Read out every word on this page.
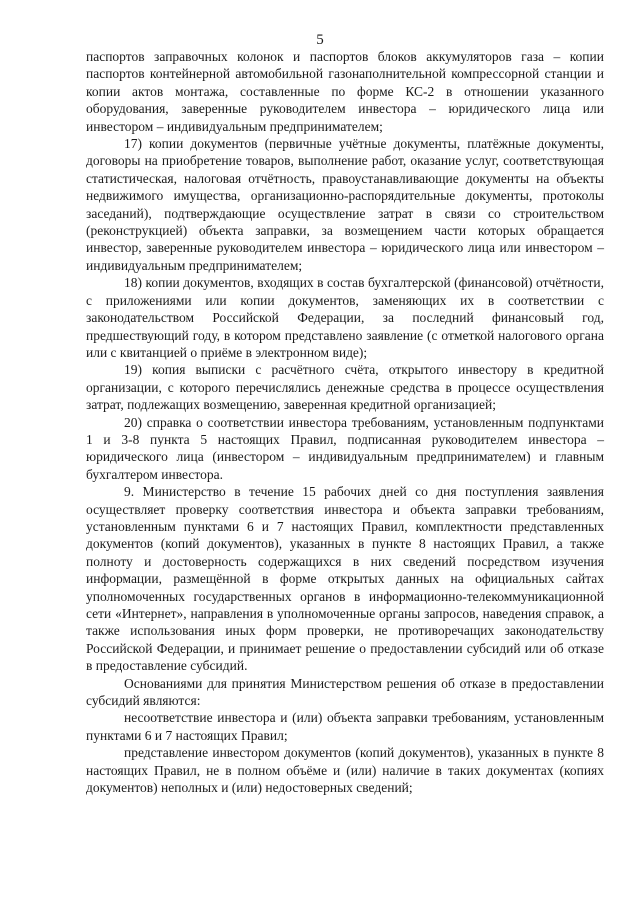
5

паспортов заправочных колонок и паспортов блоков аккумуляторов газа – копии паспортов контейнерной автомобильной газонаполнительной компрессорной станции и копии актов монтажа, составленные по форме КС-2 в отношении указанного оборудования, заверенные руководителем инвестора – юридического лица или инвестором – индивидуальным предпринимателем;

17) копии документов (первичные учётные документы, платёжные документы, договоры на приобретение товаров, выполнение работ, оказание услуг, соответствующая статистическая, налоговая отчётность, правоустанавливающие документы на объекты недвижимого имущества, организационно-распорядительные документы, протоколы заседаний), подтверждающие осуществление затрат в связи со строительством (реконструкцией) объекта заправки, за возмещением части которых обращается инвестор, заверенные руководителем инвестора – юридического лица или инвестором – индивидуальным предпринимателем;

18) копии документов, входящих в состав бухгалтерской (финансовой) отчётности, с приложениями или копии документов, заменяющих их в соответствии с законодательством Российской Федерации, за последний финансовый год, предшествующий году, в котором представлено заявление (с отметкой налогового органа или с квитанцией о приёме в электронном виде);

19) копия выписки с расчётного счёта, открытого инвестору в кредитной организации, с которого перечислялись денежные средства в процессе осуществления затрат, подлежащих возмещению, заверенная кредитной организацией;

20) справка о соответствии инвестора требованиям, установленным подпунктами 1 и 3-8 пункта 5 настоящих Правил, подписанная руководителем инвестора – юридического лица (инвестором – индивидуальным предпринимателем) и главным бухгалтером инвестора.

9. Министерство в течение 15 рабочих дней со дня поступления заявления осуществляет проверку соответствия инвестора и объекта заправки требованиям, установленным пунктами 6 и 7 настоящих Правил, комплектности представленных документов (копий документов), указанных в пункте 8 настоящих Правил, а также полноту и достоверность содержащихся в них сведений посредством изучения информации, размещённой в форме открытых данных на официальных сайтах уполномоченных государственных органов в информационно-телекоммуникационной сети «Интернет», направления в уполномоченные органы запросов, наведения справок, а также использования иных форм проверки, не противоречащих законодательству Российской Федерации, и принимает решение о предоставлении субсидий или об отказе в предоставление субсидий.

Основаниями для принятия Министерством решения об отказе в предоставлении субсидий являются:

несоответствие инвестора и (или) объекта заправки требованиям, установленным пунктами 6 и 7 настоящих Правил;

представление инвестором документов (копий документов), указанных в пункте 8 настоящих Правил, не в полном объёме и (или) наличие в таких документах (копиях документов) неполных и (или) недостоверных сведений;
